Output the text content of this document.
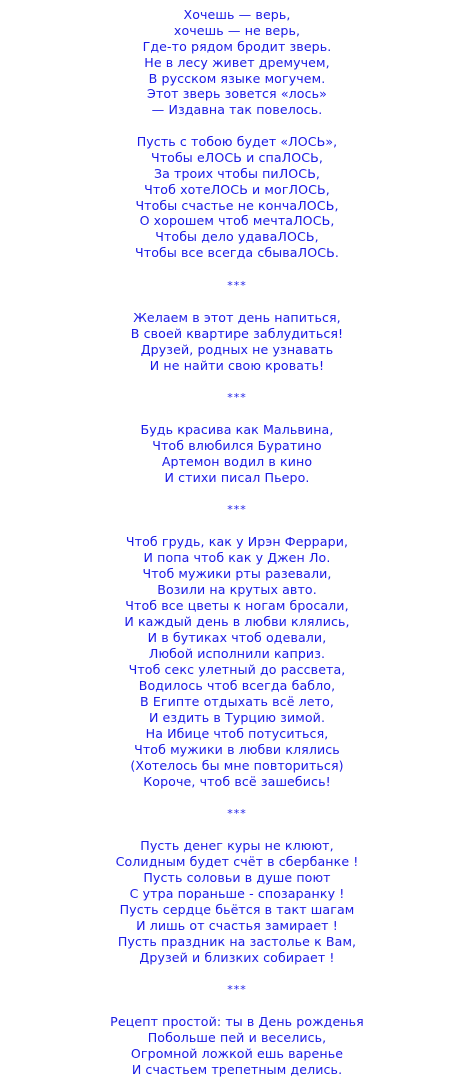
Хочешь — верь,
хочешь — не верь,
Где-то рядом бродит зверь.
Не в лесу живет дремучем,
В русском языке могучем.
Этот зверь зовется «лось»
— Издавна так повелось.
Пусть с тобою будет «ЛОСЬ»,
Чтобы еЛОСЬ и спаЛОСЬ,
За троих чтобы пиЛОСЬ,
Чтоб хотеЛОСЬ и могЛОСЬ,
Чтобы счастье не кончаЛОСЬ,
О хорошем чтоб мечтаЛОСЬ,
Чтобы дело удаваЛОСЬ,
Чтобы все всегда сбываЛОСЬ.
***
Желаем в этот день напиться,
В своей квартире заблудиться!
Друзей, родных не узнавать
И не найти свою кровать!
***
Будь красива как Мальвина,
Чтоб влюбился Буратино
Артемон водил в кино
И стихи писал Пьеро.
***
Чтоб грудь, как у Ирэн Феррари,
И попа чтоб как у Джен Ло.
Чтоб мужики рты разевали,
Возили на крутых авто.
Чтоб все цветы к ногам бросали,
И каждый день в любви клялись,
И в бутиках чтоб одевали,
Любой исполнили каприз.
Чтоб секс улетный до рассвета,
Водилось чтоб всегда бабло,
В Египте отдыхать всё лето,
И ездить в Турцию зимой.
На Ибице чтоб потуситься,
Чтоб мужики в любви клялись
(Хотелось бы мне повториться)
Короче, чтоб всё зашебись!
***
Пусть денег куры не клюют,
Солидным будет счёт в сбербанке !
Пусть соловьи в душе поют
С утра пораньше - спозаранку !
Пусть сердце бьётся в такт шагам
И лишь от счастья замирает !
Пусть праздник на застолье к Вам,
Друзей и близких собирает !
***
Рецепт простой: ты в День рожденья
Побольше пей и веселись,
Огромной ложкой ешь варенье
И счастьем трепетным делись.
